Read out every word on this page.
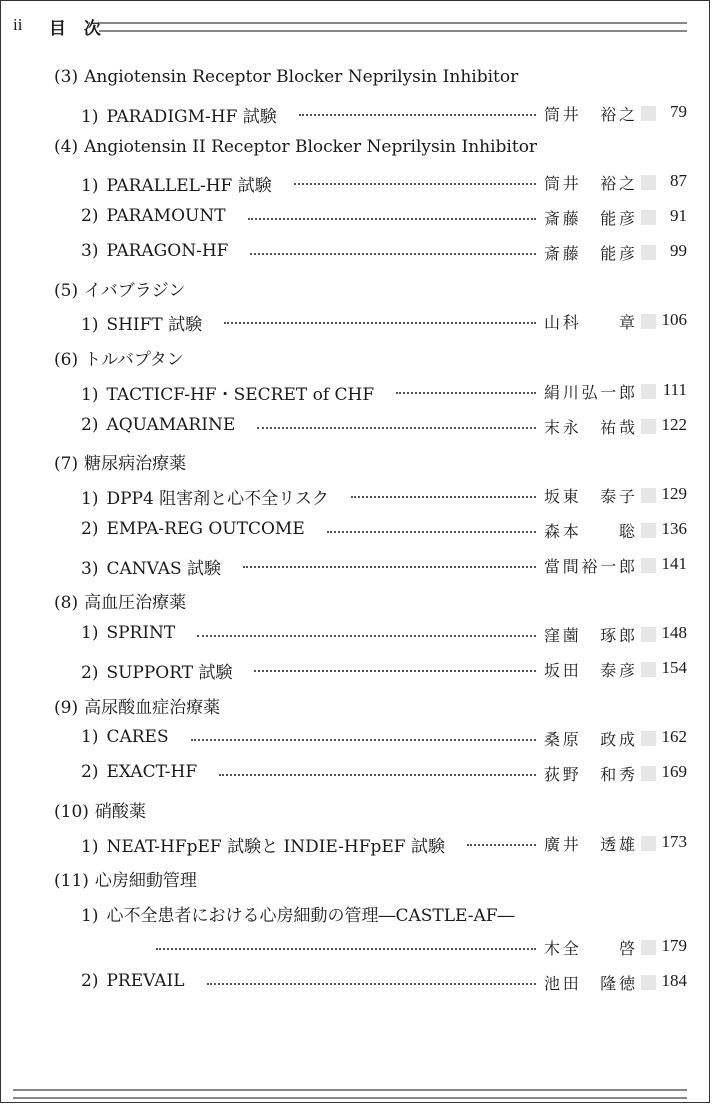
ii 目 次
(3) Angiotensin Receptor Blocker Neprilysin Inhibitor
1) PARADIGM-HF 試験	筒井　裕之 79
(4) Angiotensin II Receptor Blocker Neprilysin Inhibitor
1) PARALLEL-HF 試験	筒井　裕之 87
2) PARAMOUNT	斎藤　能彦 91
3) PARAGON-HF	斎藤　能彦 99
(5) イバブラジン
1) SHIFT 試験	山科　　章 106
(6) トルバプタン
1) TACTICF-HF・SECRET of CHF	絹川弘一郎 111
2) AQUAMARINE	末永　祐哉 122
(7) 糖尿病治療薬
1) DPP4 阻害剤と心不全リスク	坂東　泰子 129
2) EMPA-REG OUTCOME	森本　　聡 136
3) CANVAS 試験	當間裕一郎 141
(8) 高血圧治療薬
1) SPRINT	窪薗　琢郎 148
2) SUPPORT 試験	坂田　泰彦 154
(9) 高尿酸血症治療薬
1) CARES	桑原　政成 162
2) EXACT-HF	荻野　和秀 169
(10) 硝酸薬
1) NEAT-HFpEF 試験と INDIE-HFpEF 試験	廣井　透雄 173
(11) 心房細動管理
1) 心不全患者における心房細動の管理―CASTLE-AF―
木全　　啓 179
2) PREVAIL	池田　隆徳 184
